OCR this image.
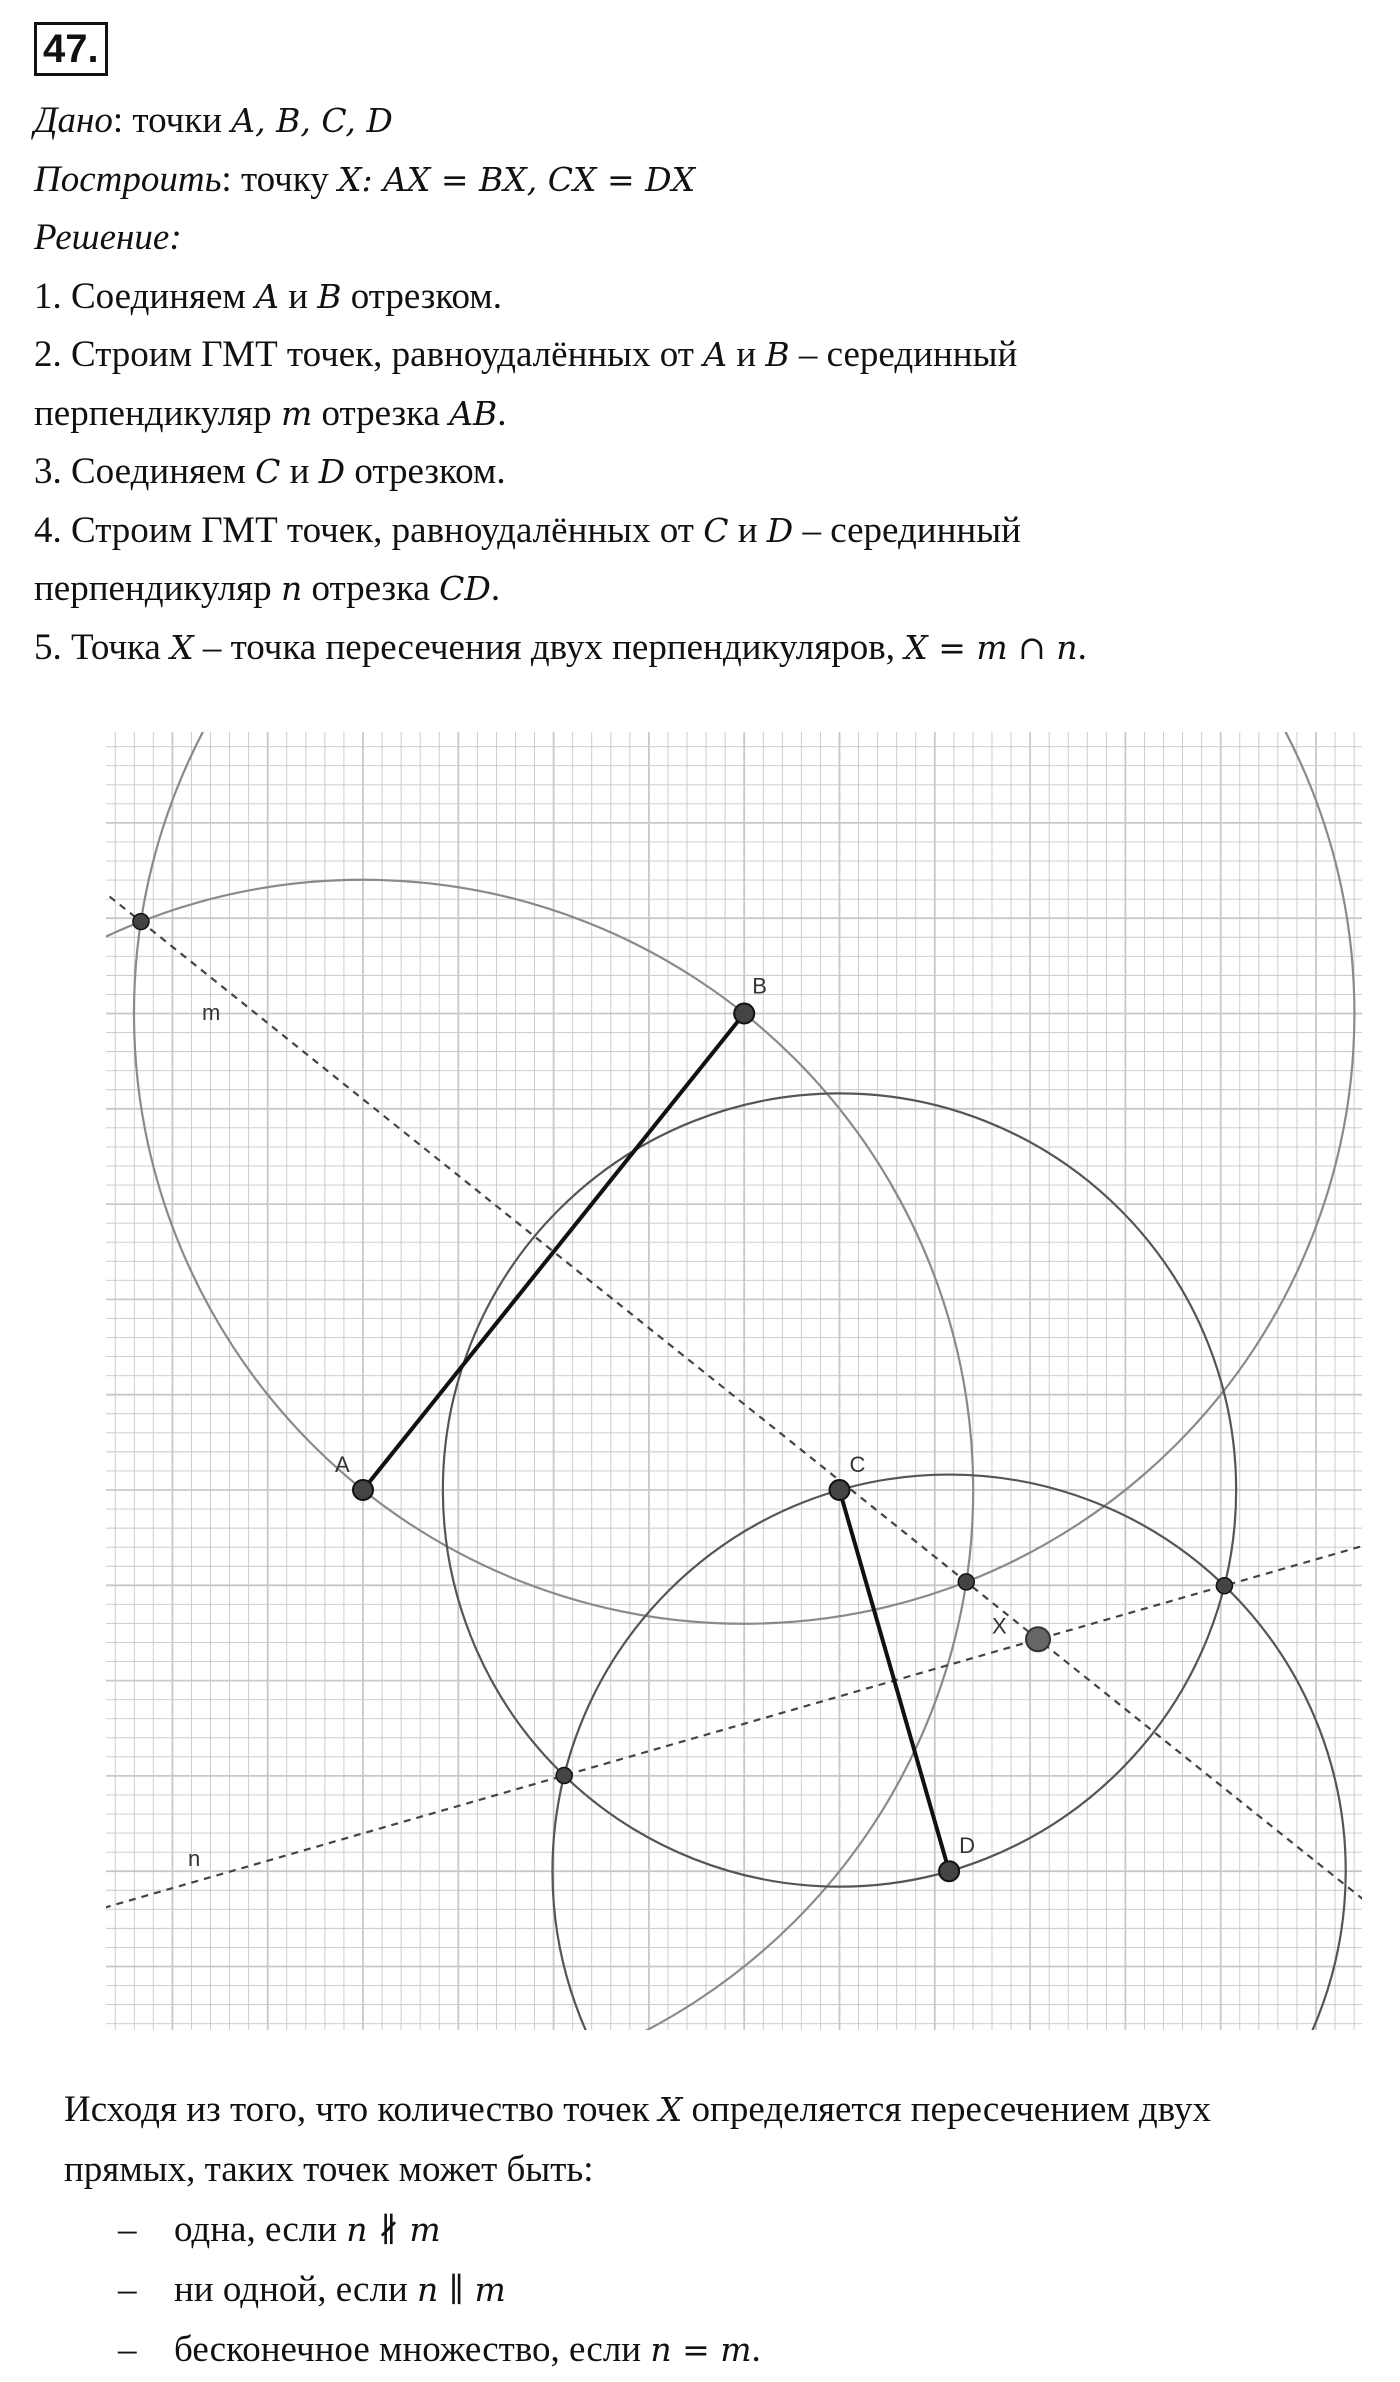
47.
Дано: точки A, B, C, D
Построить: точку X: AX = BX, CX = DX
Решение:
1. Соединяем A и B отрезком.
2. Строим ГМТ точек, равноудалённых от A и B – серединный
перпендикуляр m отрезка AB.
3. Соединяем C и D отрезком.
4. Строим ГМТ точек, равноудалённых от C и D – серединный
перпендикуляр n отрезка CD.
5. Точка X – точка пересечения двух перпендикуляров, X = m ∩ n.
A
B
C
D
X
m
n
Исходя из того, что количество точек X определяется пересечением двух
прямых, таких точек может быть:
– одна, если n ∦ m
– ни одной, если n ∥ m
– бесконечное множество, если n = m.
